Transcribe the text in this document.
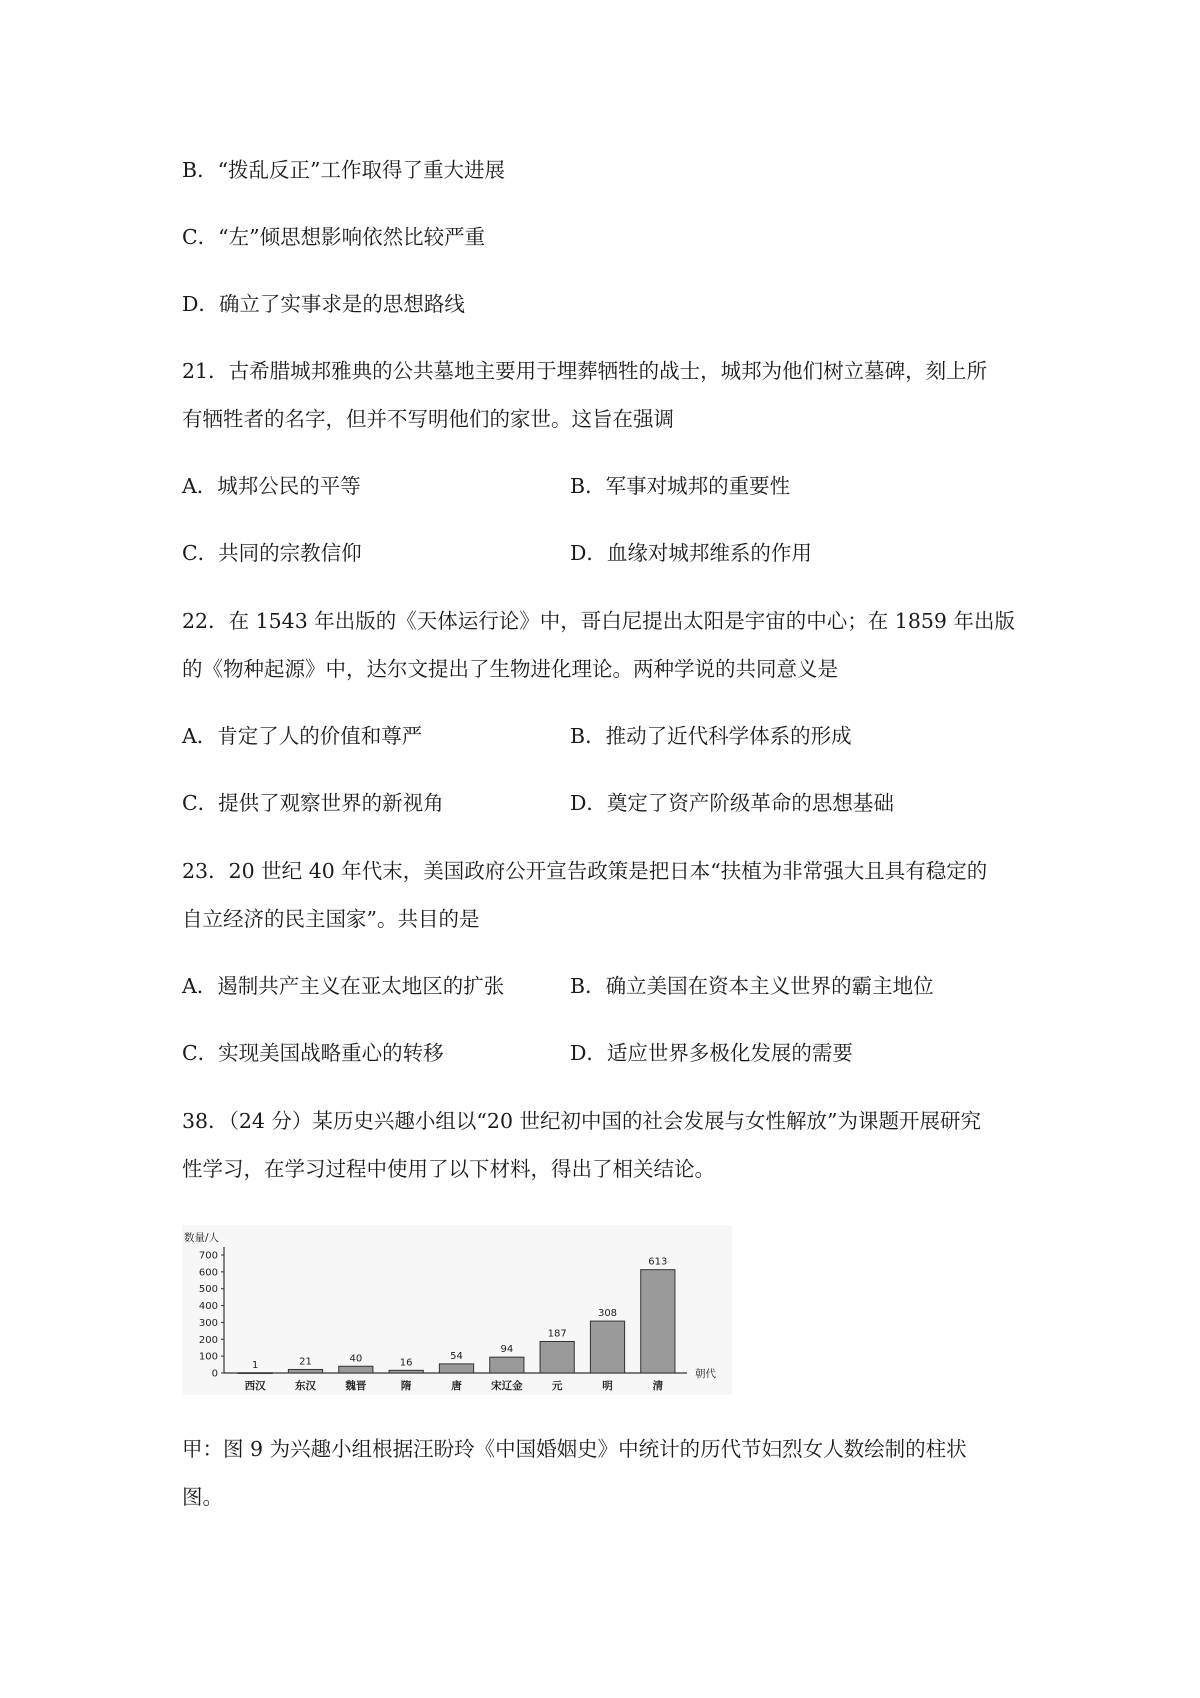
B．“拨乱反正”工作取得了重大进展

C．“左”倾思想影响依然比较严重

D．确立了实事求是的思想路线

21．古希腊城邦雅典的公共墓地主要用于埋葬牺牲的战士，城邦为他们树立墓碑，刻上所

有牺牲者的名字，但并不写明他们的家世。这旨在强调

A．城邦公民的平等	B．军事对城邦的重要性

C．共同的宗教信仰	D．血缘对城邦维系的作用

22．在 1543 年出版的《天体运行论》中，哥白尼提出太阳是宇宙的中心；在 1859 年出版

的《物种起源》中，达尔文提出了生物进化理论。两种学说的共同意义是

A．肯定了人的价值和尊严	B．推动了近代科学体系的形成

C．提供了观察世界的新视角	D．奠定了资产阶级革命的思想基础

23．20 世纪 40 年代末，美国政府公开宣告政策是把日本“扶植为非常强大且具有稳定的

自立经济的民主国家”。共目的是

A．遏制共产主义在亚太地区的扩张	B．确立美国在资本主义世界的霸主地位

C．实现美国战略重心的转移	D．适应世界多极化发展的需要

38．（24 分）某历史兴趣小组以“20 世纪初中国的社会发展与女性解放”为课题开展研究

性学习，在学习过程中使用了以下材料，得出了相关结论。

0
100
200
300
400
500
600
700
数量/人
朝代
1
西汉
21
东汉
40
魏晋
16
隋
54
唐
94
宋辽金
187
元
308
明
613
清

甲：图 9 为兴趣小组根据汪盼玲《中国婚姻史》中统计的历代节妇烈女人数绘制的柱状

图。
